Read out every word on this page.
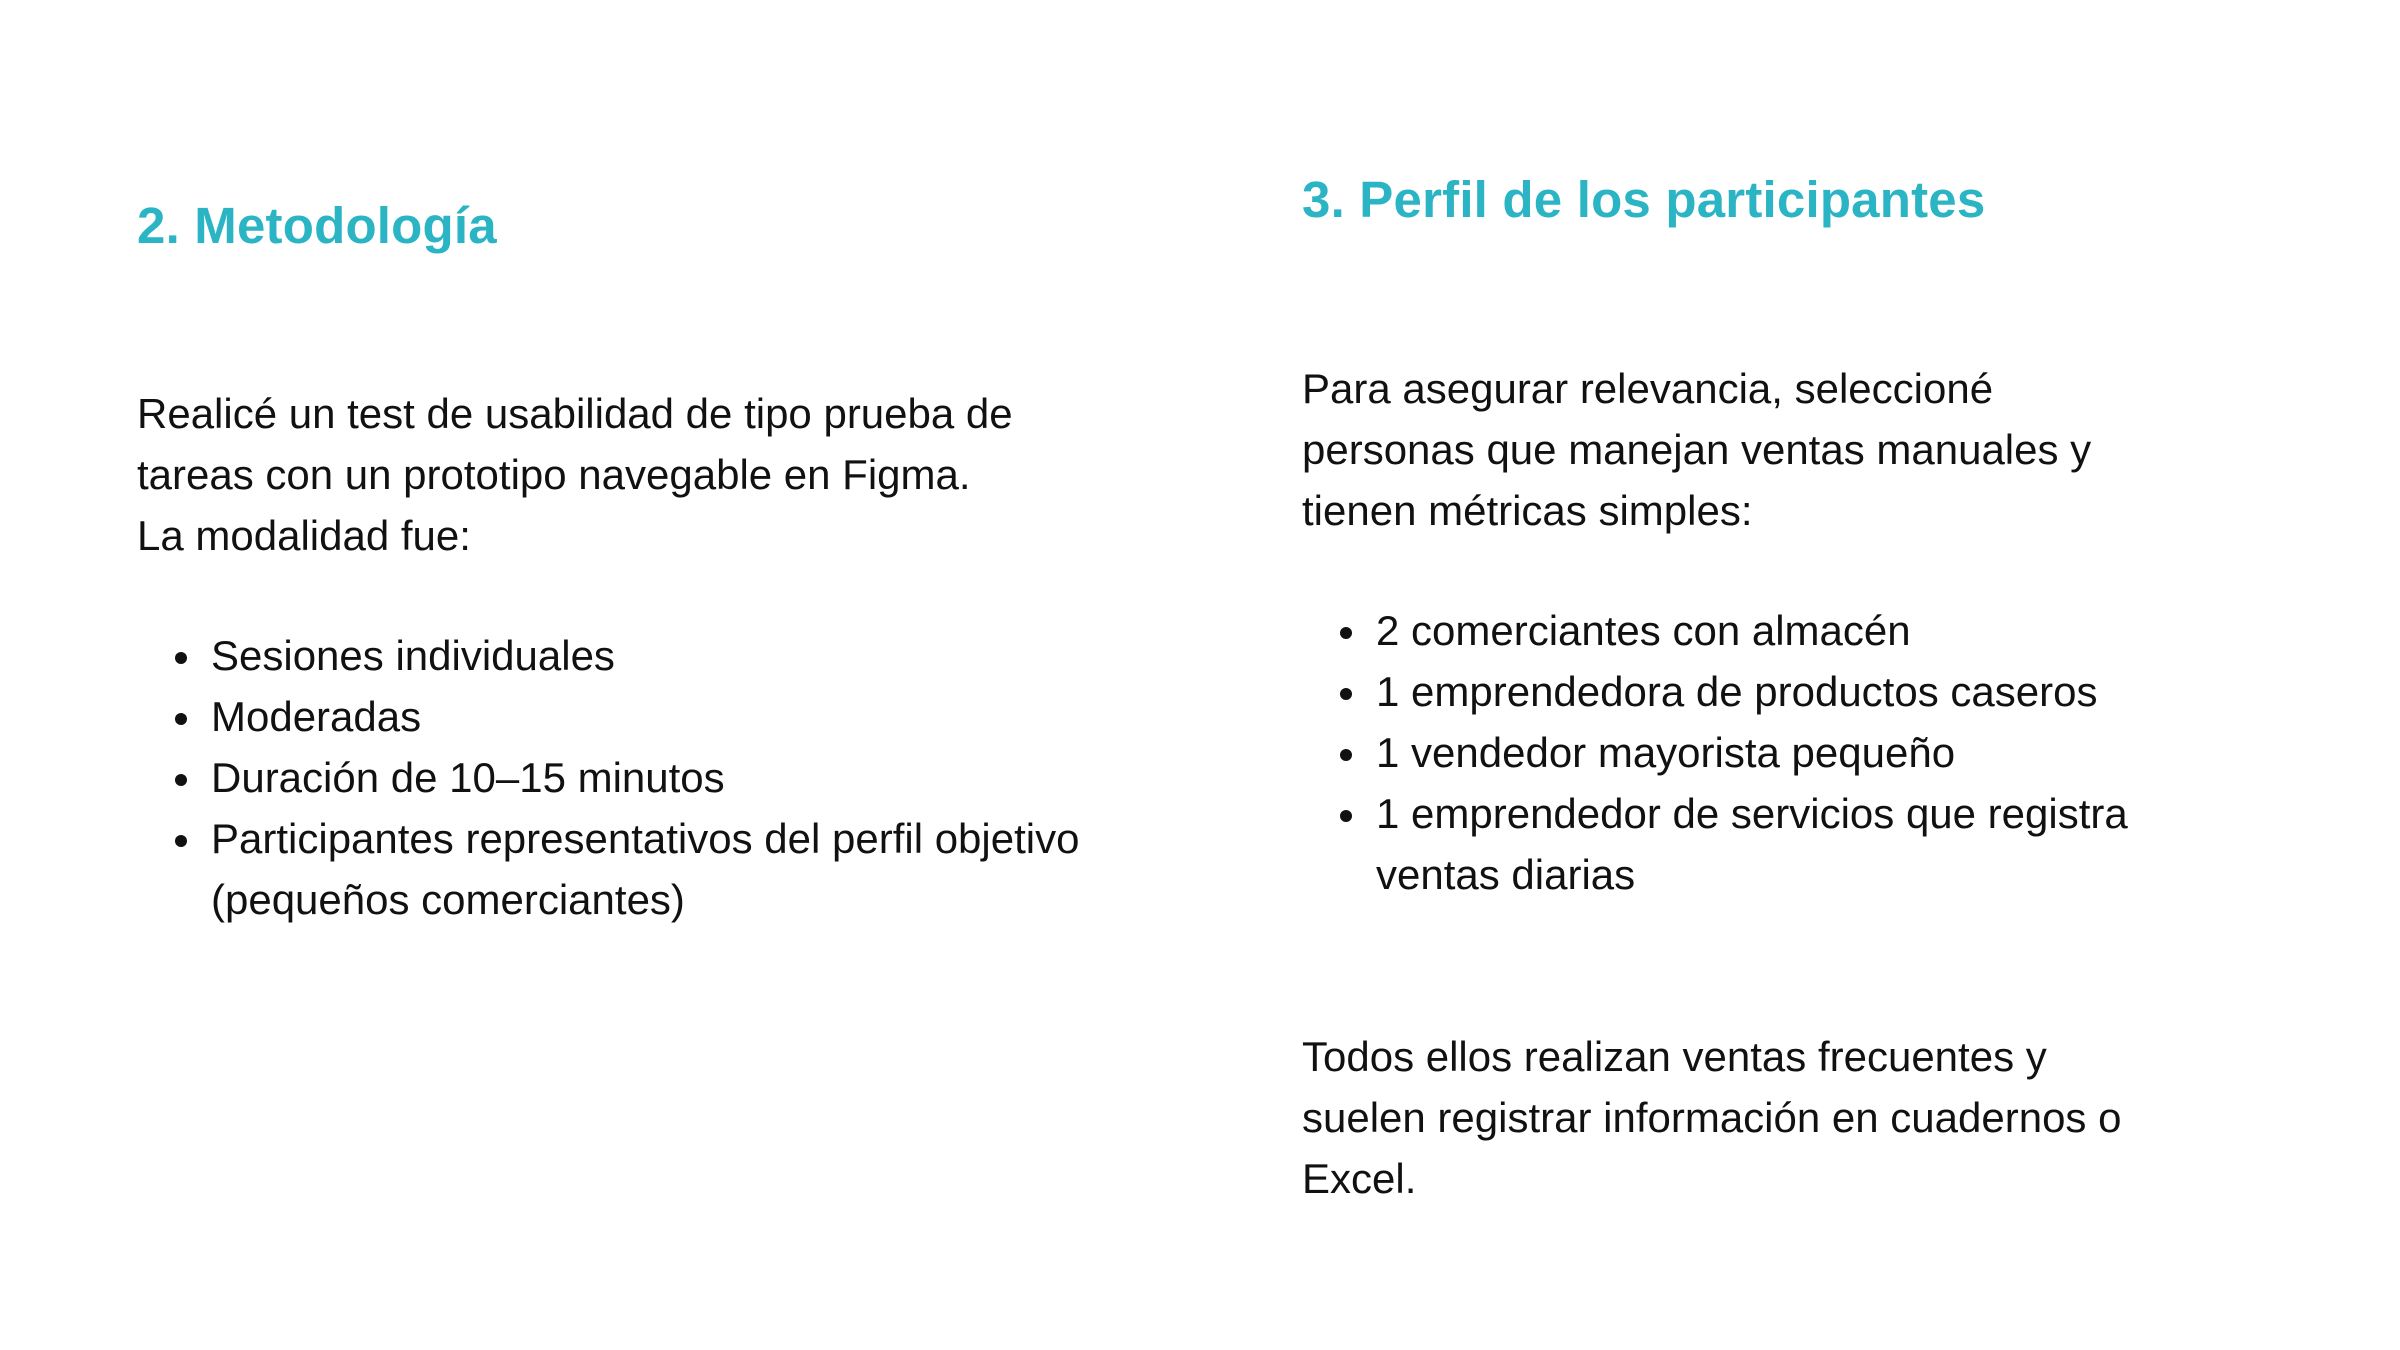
2. Metodología

Realicé un test de usabilidad de tipo prueba de
tareas con un prototipo navegable en Figma.
La modalidad fue:

Sesiones individuales
Moderadas
Duración de 10–15 minutos
Participantes representativos del perfil objetivo (pequeños comerciantes)
3. Perfil de los participantes

Para asegurar relevancia, seleccioné
personas que manejan ventas manuales y
tienen métricas simples:

2 comerciantes con almacén
1 emprendedora de productos caseros
1 vendedor mayorista pequeño
1 emprendedor de servicios que registra ventas diarias

Todos ellos realizan ventas frecuentes y
suelen registrar información en cuadernos o
Excel.
